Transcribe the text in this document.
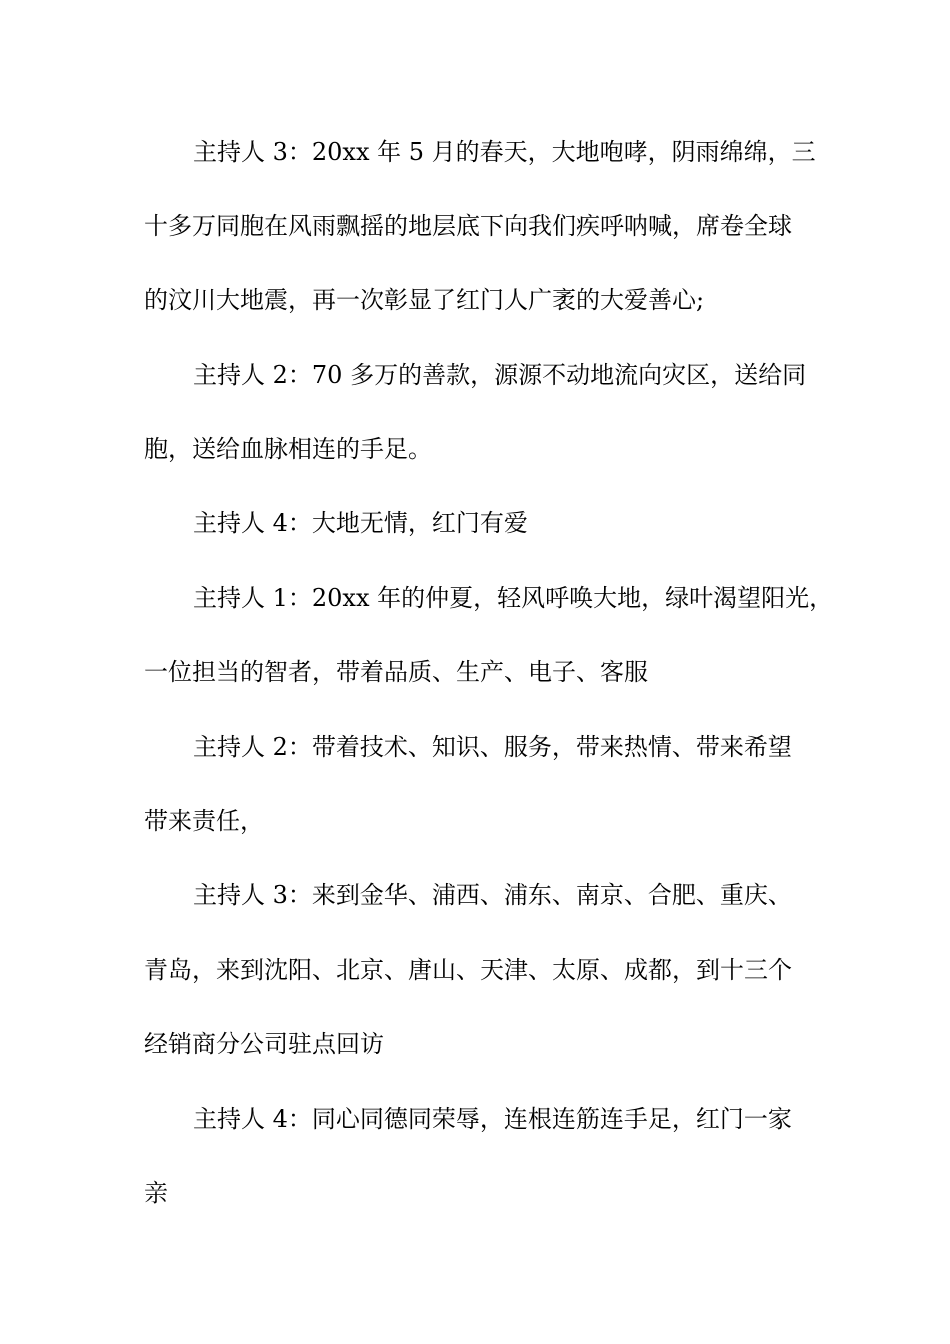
主持人 3：20xx 年 5 月的春天，大地咆哮，阴雨绵绵，三
十多万同胞在风雨飘摇的地层底下向我们疾呼呐喊，席卷全球
的汶川大地震，再一次彰显了红门人广袤的大爱善心;
主持人 2：70 多万的善款，源源不动地流向灾区，送给同
胞，送给血脉相连的手足。
主持人 4：大地无情，红门有爱
主持人 1：20xx 年的仲夏，轻风呼唤大地，绿叶渴望阳光，
一位担当的智者，带着品质、生产、电子、客服
主持人 2：带着技术、知识、服务，带来热情、带来希望
带来责任，
主持人 3：来到金华、浦西、浦东、南京、合肥、重庆、
青岛，来到沈阳、北京、唐山、天津、太原、成都，到十三个
经销商分公司驻点回访
主持人 4：同心同德同荣辱，连根连筋连手足，红门一家
亲
